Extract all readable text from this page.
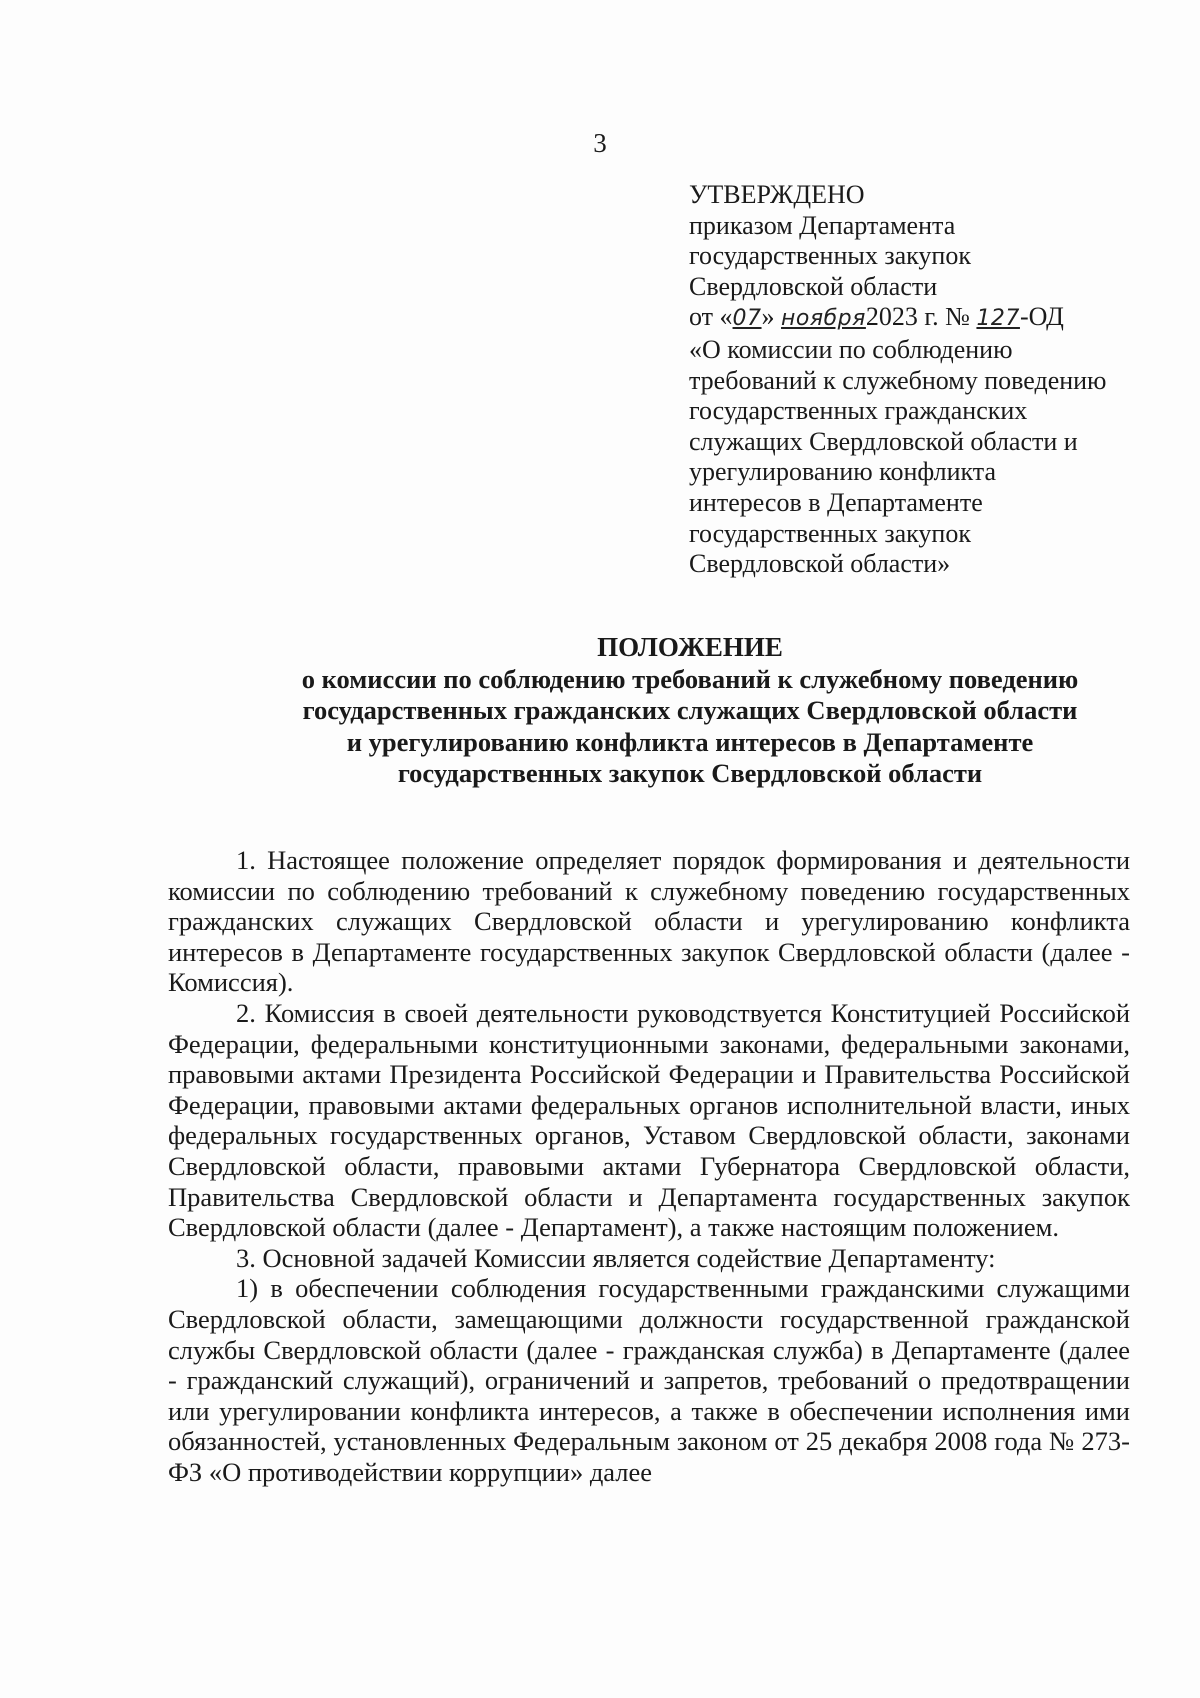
3
УТВЕРЖДЕНО
приказом Департамента
государственных закупок
Свердловской области
от «07» ноября2023 г. № 127-ОД
«О комиссии по соблюдению
требований к служебному поведению
государственных гражданских
служащих Свердловской области и
урегулированию конфликта
интересов в Департаменте
государственных закупок
Свердловской области»
ПОЛОЖЕНИЕ
о комиссии по соблюдению требований к служебному поведению
государственных гражданских служащих Свердловской области
и урегулированию конфликта интересов в Департаменте
государственных закупок Свердловской области

1. Настоящее положение определяет порядок формирования и деятельности комиссии по соблюдению требований к служебному поведению государственных гражданских служащих Свердловской области и урегулированию конфликта интересов в Департаменте государственных закупок Свердловской области (далее - Комиссия).

2. Комиссия в своей деятельности руководствуется Конституцией Российской Федерации, федеральными конституционными законами, федеральными законами, правовыми актами Президента Российской Федерации и Правительства Российской Федерации, правовыми актами федеральных органов исполнительной власти, иных федеральных государственных органов, Уставом Свердловской области, законами Свердловской области, правовыми актами Губернатора Свердловской области, Правительства Свердловской области и Департамента государственных закупок Свердловской области (далее - Департамент), а также настоящим положением.

3. Основной задачей Комиссии является содействие Департаменту:

1) в обеспечении соблюдения государственными гражданскими служащими Свердловской области, замещающими должности государственной гражданской службы Свердловской области (далее - гражданская служба) в Департаменте (далее - гражданский служащий), ограничений и запретов, требований о предотвращении или урегулировании конфликта интересов, а также в обеспечении исполнения ими обязанностей, установленных Федеральным законом от 25 декабря 2008 года № 273-ФЗ «О противодействии коррупции» далее
